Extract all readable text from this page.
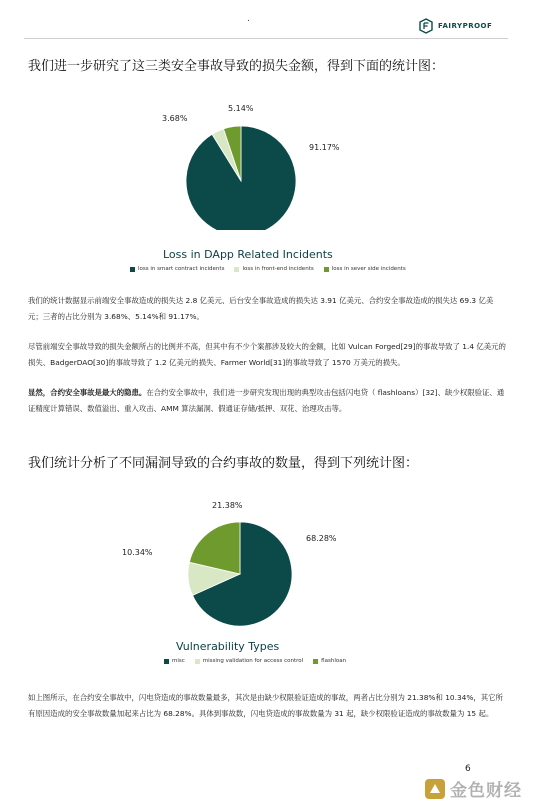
.
FAIRYPROOF
我们进一步研究了这三类安全事故导致的损失金额，得到下面的统计图：
5.14%
3.68%
91.17%
Loss in DApp Related Incidents
loss in smart contract incidents	loss in front-end incidents	loss in sever side incidents
我们的统计数据显示前端安全事故造成的损失达 2.8 亿美元、后台安全事故造成的损失达 3.91 亿美元、合约安全事故造成的损失达 69.3 亿美元；三者的占比分别为 3.68%、5.14%和 91.17%。
尽管前端安全事故导致的损失金额所占的比例并不高，但其中有不少个案都涉及较大的金额，比如 Vulcan Forged[29]的事故导致了 1.4 亿美元的损失、BadgerDAO[30]的事故导致了 1.2 亿美元的损失、Farmer World[31]的事故导致了 1570 万美元的损失。
显然，合约安全事故是最大的隐患。在合约安全事故中，我们进一步研究发现出现的典型攻击包括闪电贷（ flashloans）[32]、缺少权限验证、通证精度计算错误、数值溢出、重入攻击、AMM 算法漏洞、假通证存储/抵押、双花、治理攻击等。
我们统计分析了不同漏洞导致的合约事故的数量，得到下列统计图：
21.38%
10.34%
68.28%
Vulnerability Types
misc	missing validation for access control	flashloan
如上图所示，在合约安全事故中，闪电贷造成的事故数量最多，其次是由缺少权限验证造成的事故，两者占比分别为 21.38%和 10.34%，其它所有原因造成的安全事故数量加起来占比为 68.28%。具体到事故数，闪电贷造成的事故数量为 31 起，缺少权限验证造成的事故数量为 15 起。
6
金色财经
